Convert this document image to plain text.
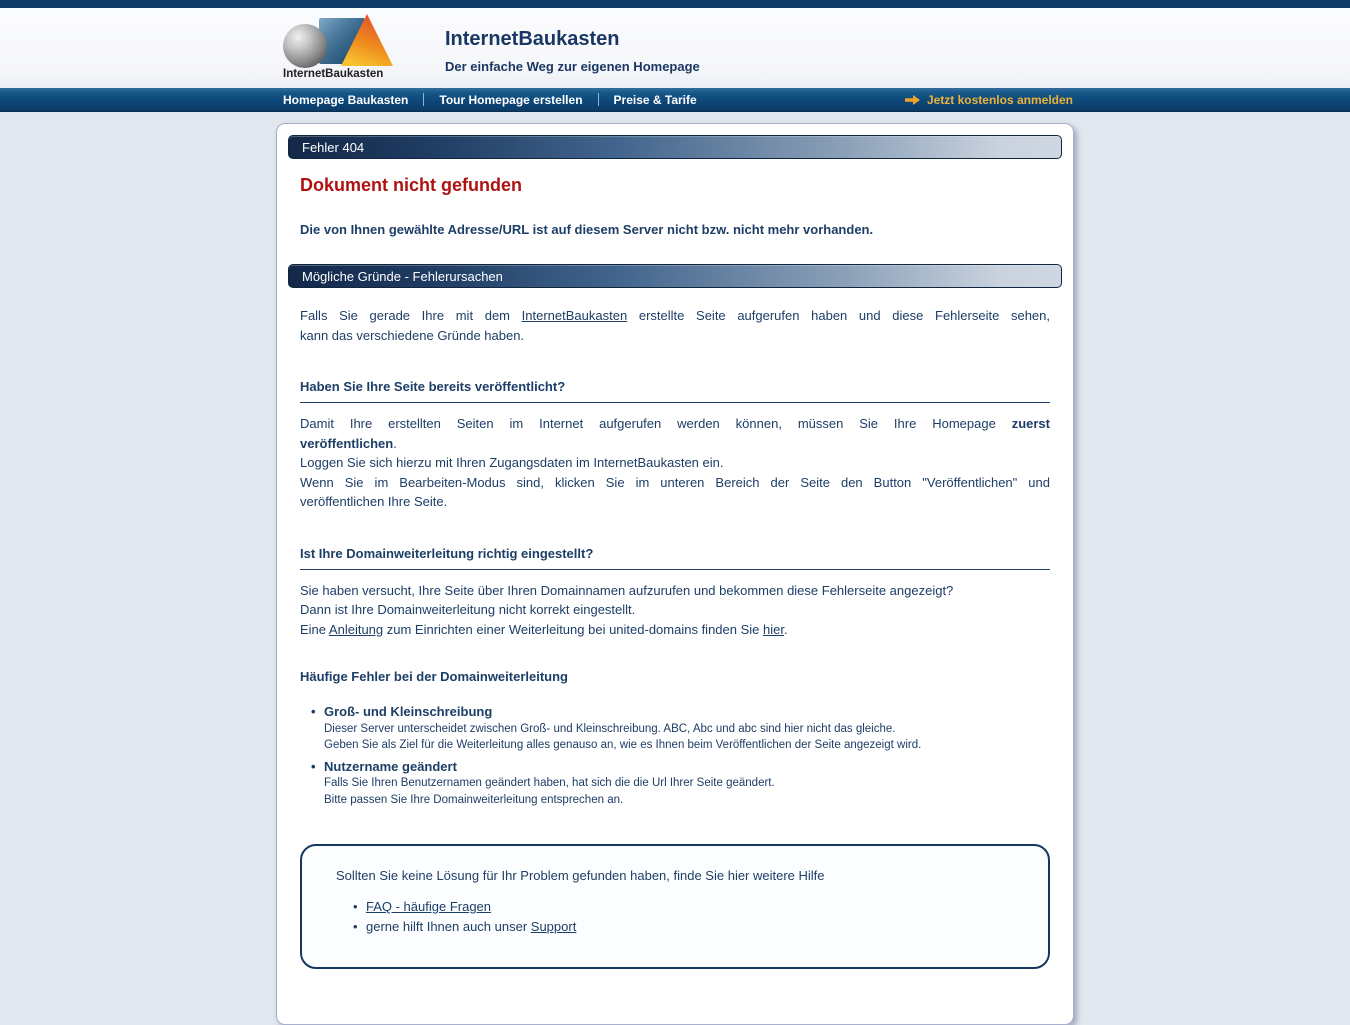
InternetBaukasten
InternetBaukasten
Der einfache Weg zur eigenen Homepage
Homepage Baukasten	Tour Homepage erstellen	Preise & Tarife	Jetzt kostenlos anmelden
Fehler 404
Dokument nicht gefunden
Die von Ihnen gewählte Adresse/URL ist auf diesem Server nicht bzw. nicht mehr vorhanden.
Mögliche Gründe - Fehlerursachen
Falls Sie gerade Ihre mit dem InternetBaukasten erstellte Seite aufgerufen haben und diese Fehlerseite sehen,
kann das verschiedene Gründe haben.
Haben Sie Ihre Seite bereits veröffentlicht?
Damit Ihre erstellten Seiten im Internet aufgerufen werden können, müssen Sie Ihre Homepage zuerst
veröffentlichen.
Loggen Sie sich hierzu mit Ihren Zugangsdaten im InternetBaukasten ein.

Wenn Sie im Bearbeiten-Modus sind, klicken Sie im unteren Bereich der Seite den Button "Veröffentlichen" und
veröffentlichen Ihre Seite.
Ist Ihre Domainweiterleitung richtig eingestellt?
Sie haben versucht, Ihre Seite über Ihren Domainnamen aufzurufen und bekommen diese Fehlerseite angezeigt?
Dann ist Ihre Domainweiterleitung nicht korrekt eingestellt.
Eine Anleitung zum Einrichten einer Weiterleitung bei united-domains finden Sie hier.
Häufige Fehler bei der Domainweiterleitung
• Groß- und Kleinschreibung
Dieser Server unterscheidet zwischen Groß- und Kleinschreibung. ABC, Abc und abc sind hier nicht das gleiche.
Geben Sie als Ziel für die Weiterleitung alles genauso an, wie es Ihnen beim Veröffentlichen der Seite angezeigt wird.
• Nutzername geändert
Falls Sie Ihren Benutzernamen geändert haben, hat sich die die Url Ihrer Seite geändert.
Bitte passen Sie Ihre Domainweiterleitung entsprechen an.
Sollten Sie keine Lösung für Ihr Problem gefunden haben, finde Sie hier weitere Hilfe
• FAQ - häufige Fragen
• gerne hilft Ihnen auch unser Support
